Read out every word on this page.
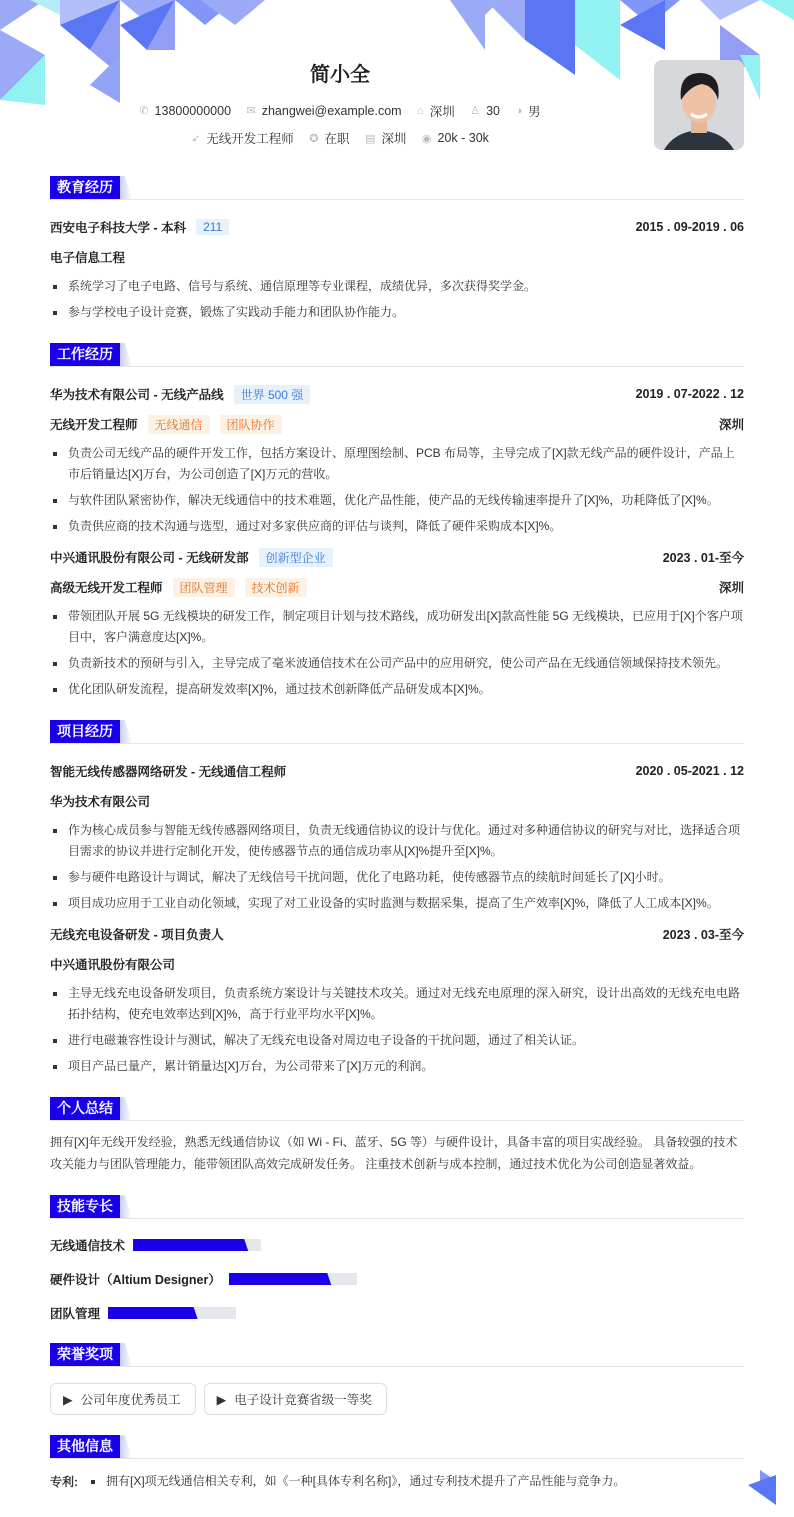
简小全
✆ 13800000000
✉ zhangwei@example.com
⌂ 深圳
♙ 30
◑ 男
➶ 无线开发工程师
✪ 在职
▤ 深圳
◉ 20k - 30k
教育经历
西安电子科技大学 - 本科	211	2015 . 09-2019 . 06
电子信息工程
系统学习了电子电路、信号与系统、通信原理等专业课程，成绩优异，多次获得奖学金。
参与学校电子设计竞赛，锻炼了实践动手能力和团队协作能力。
工作经历
华为技术有限公司 - 无线产品线	世界 500 强	2019 . 07-2022 . 12
无线开发工程师	无线通信	团队协作	深圳
负责公司无线产品的硬件开发工作，包括方案设计、原理图绘制、PCB 布局等，主导完成了[X]款无线产品的硬件设计，产品上市后销量达[X]万台，为公司创造了[X]万元的营收。
与软件团队紧密协作，解决无线通信中的技术难题，优化产品性能，使产品的无线传输速率提升了[X]%，功耗降低了[X]%。
负责供应商的技术沟通与选型，通过对多家供应商的评估与谈判，降低了硬件采购成本[X]%。
中兴通讯股份有限公司 - 无线研发部	创新型企业	2023 . 01-至今
高级无线开发工程师	团队管理	技术创新	深圳
带领团队开展 5G 无线模块的研发工作，制定项目计划与技术路线，成功研发出[X]款高性能 5G 无线模块，已应用于[X]个客户项目中，客户满意度达[X]%。
负责新技术的预研与引入，主导完成了毫米波通信技术在公司产品中的应用研究，使公司产品在无线通信领域保持技术领先。
优化团队研发流程，提高研发效率[X]%，通过技术创新降低产品研发成本[X]%。
项目经历
智能无线传感器网络研发 - 无线通信工程师	2020 . 05-2021 . 12
华为技术有限公司
作为核心成员参与智能无线传感器网络项目，负责无线通信协议的设计与优化。通过对多种通信协议的研究与对比，选择适合项目需求的协议并进行定制化开发，使传感器节点的通信成功率从[X]%提升至[X]%。
参与硬件电路设计与调试，解决了无线信号干扰问题，优化了电路功耗，使传感器节点的续航时间延长了[X]小时。
项目成功应用于工业自动化领域，实现了对工业设备的实时监测与数据采集，提高了生产效率[X]%，降低了人工成本[X]%。
无线充电设备研发 - 项目负责人	2023 . 03-至今
中兴通讯股份有限公司
主导无线充电设备研发项目，负责系统方案设计与关键技术攻关。通过对无线充电原理的深入研究，设计出高效的无线充电电路拓扑结构，使充电效率达到[X]%，高于行业平均水平[X]%。
进行电磁兼容性设计与测试，解决了无线充电设备对周边电子设备的干扰问题，通过了相关认证。
项目产品已量产，累计销量达[X]万台，为公司带来了[X]万元的利润。
个人总结

拥有[X]年无线开发经验，熟悉无线通信协议（如 Wi - Fi、蓝牙、5G 等）与硬件设计，具备丰富的项目实战经验。 具备较强的技术攻关能力与团队管理能力，能带领团队高效完成研发任务。 注重技术创新与成本控制，通过技术优化为公司创造显著效益。

技能专长
无线通信技术
硬件设计（Altium Designer）
团队管理
荣誉奖项
▶ 公司年度优秀员工	▶ 电子设计竞赛省级一等奖
其他信息
专利:	拥有[X]项无线通信相关专利，如《一种[具体专利名称]》，通过专利技术提升了产品性能与竞争力。
